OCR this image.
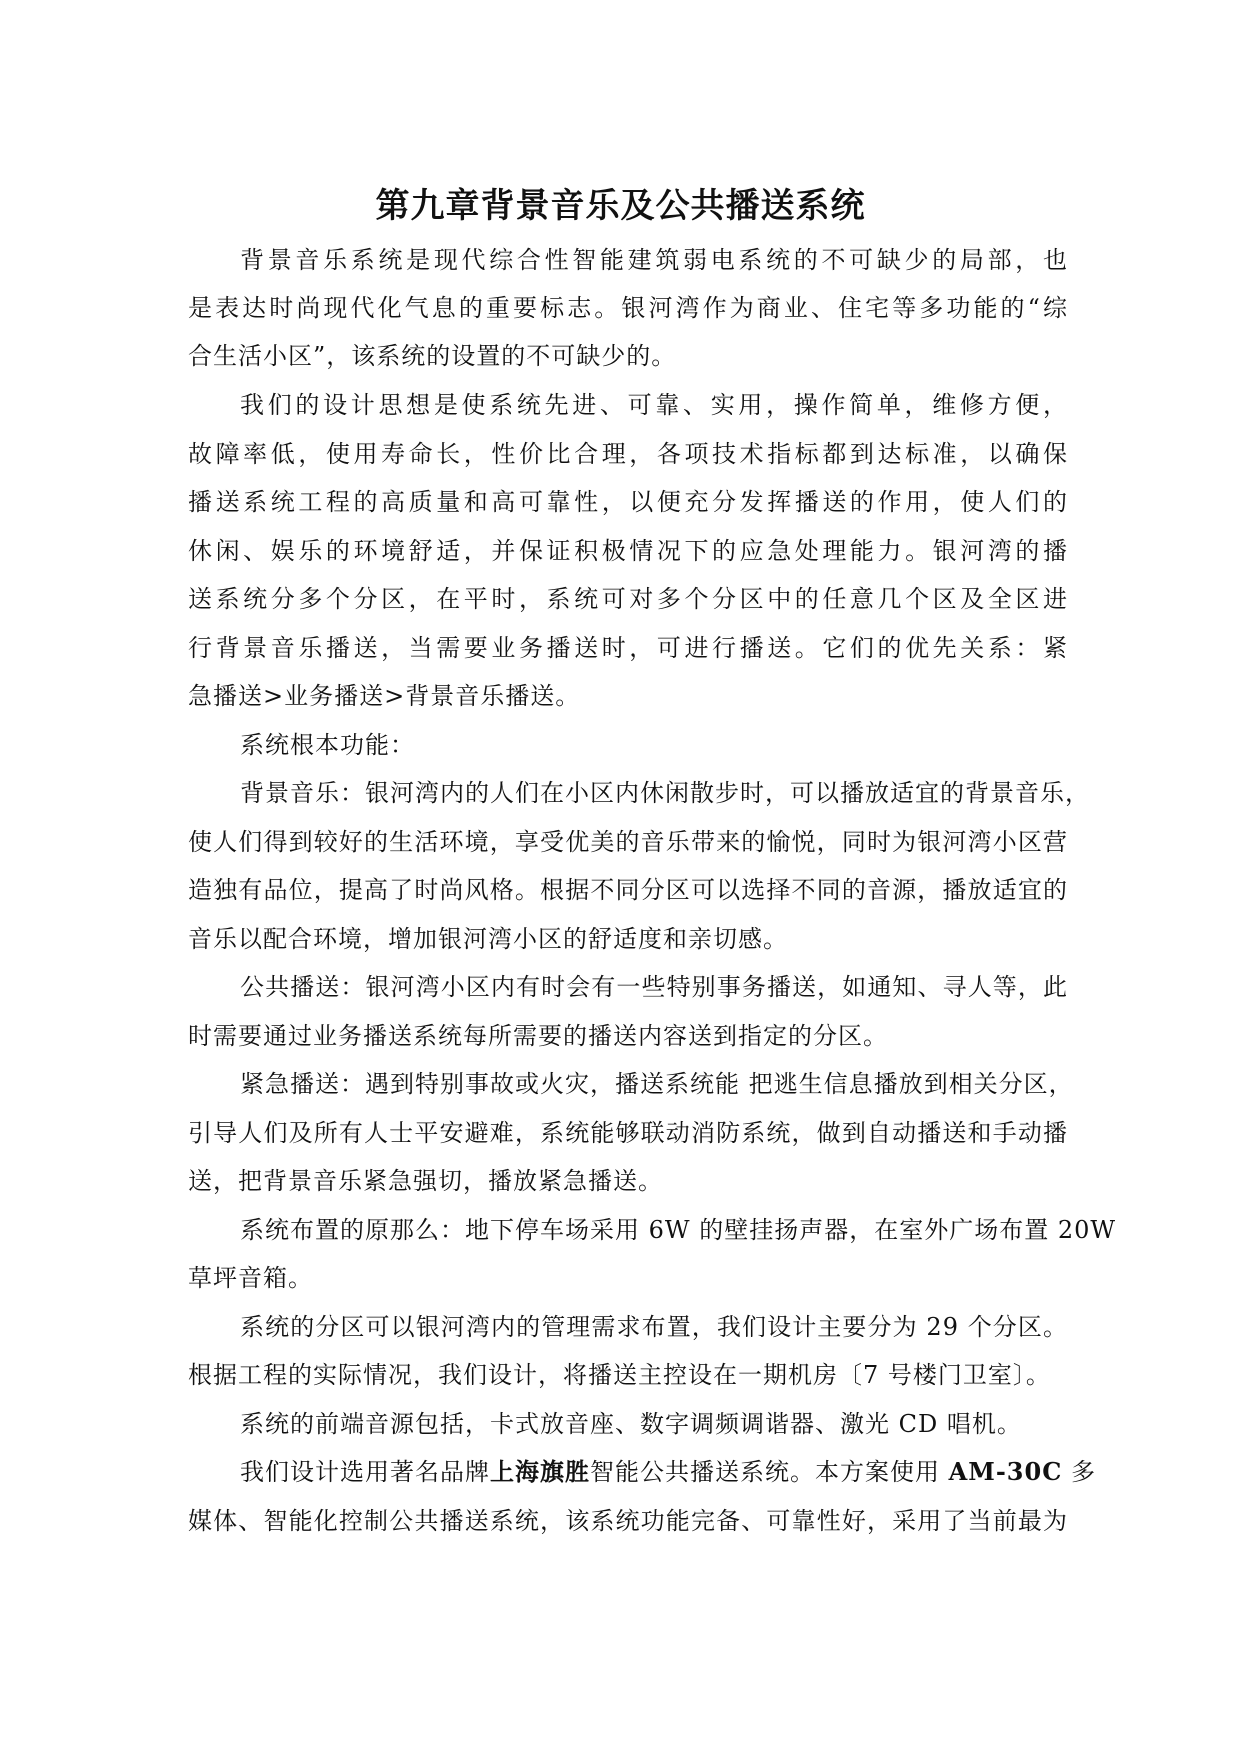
第九章背景音乐及公共播送系统

背景音乐系统是现代综合性智能建筑弱电系统的不可缺少的局部，也

是表达时尚现代化气息的重要标志。银河湾作为商业、住宅等多功能的“综

合生活小区”，该系统的设置的不可缺少的。

我们的设计思想是使系统先进、可靠、实用，操作简单，维修方便，

故障率低，使用寿命长，性价比合理，各项技术指标都到达标准，以确保

播送系统工程的高质量和高可靠性，以便充分发挥播送的作用，使人们的

休闲、娱乐的环境舒适，并保证积极情况下的应急处理能力。银河湾的播

送系统分多个分区，在平时，系统可对多个分区中的任意几个区及全区进

行背景音乐播送，当需要业务播送时，可进行播送。它们的优先关系：紧

急播送>业务播送>背景音乐播送。

系统根本功能：

背景音乐：银河湾内的人们在小区内休闲散步时，可以播放适宜的背景音乐，

使人们得到较好的生活环境，享受优美的音乐带来的愉悦，同时为银河湾小区营

造独有品位，提高了时尚风格。根据不同分区可以选择不同的音源，播放适宜的

音乐以配合环境，增加银河湾小区的舒适度和亲切感。

公共播送：银河湾小区内有时会有一些特别事务播送，如通知、寻人等，此

时需要通过业务播送系统每所需要的播送内容送到指定的分区。

紧急播送：遇到特别事故或火灾，播送系统能 把逃生信息播放到相关分区，

引导人们及所有人士平安避难，系统能够联动消防系统，做到自动播送和手动播

送，把背景音乐紧急强切，播放紧急播送。

系统布置的原那么：地下停车场采用 6W 的壁挂扬声器，在室外广场布置 20W

草坪音箱。

系统的分区可以银河湾内的管理需求布置，我们设计主要分为 29 个分区。

根据工程的实际情况，我们设计，将播送主控设在一期机房〔7 号楼门卫室〕。

系统的前端音源包括，卡式放音座、数字调频调谐器、激光 CD 唱机。

我们设计选用著名品牌上海旗胜智能公共播送系统。本方案使用 AM-30C 多

媒体、智能化控制公共播送系统，该系统功能完备、可靠性好，采用了当前最为
